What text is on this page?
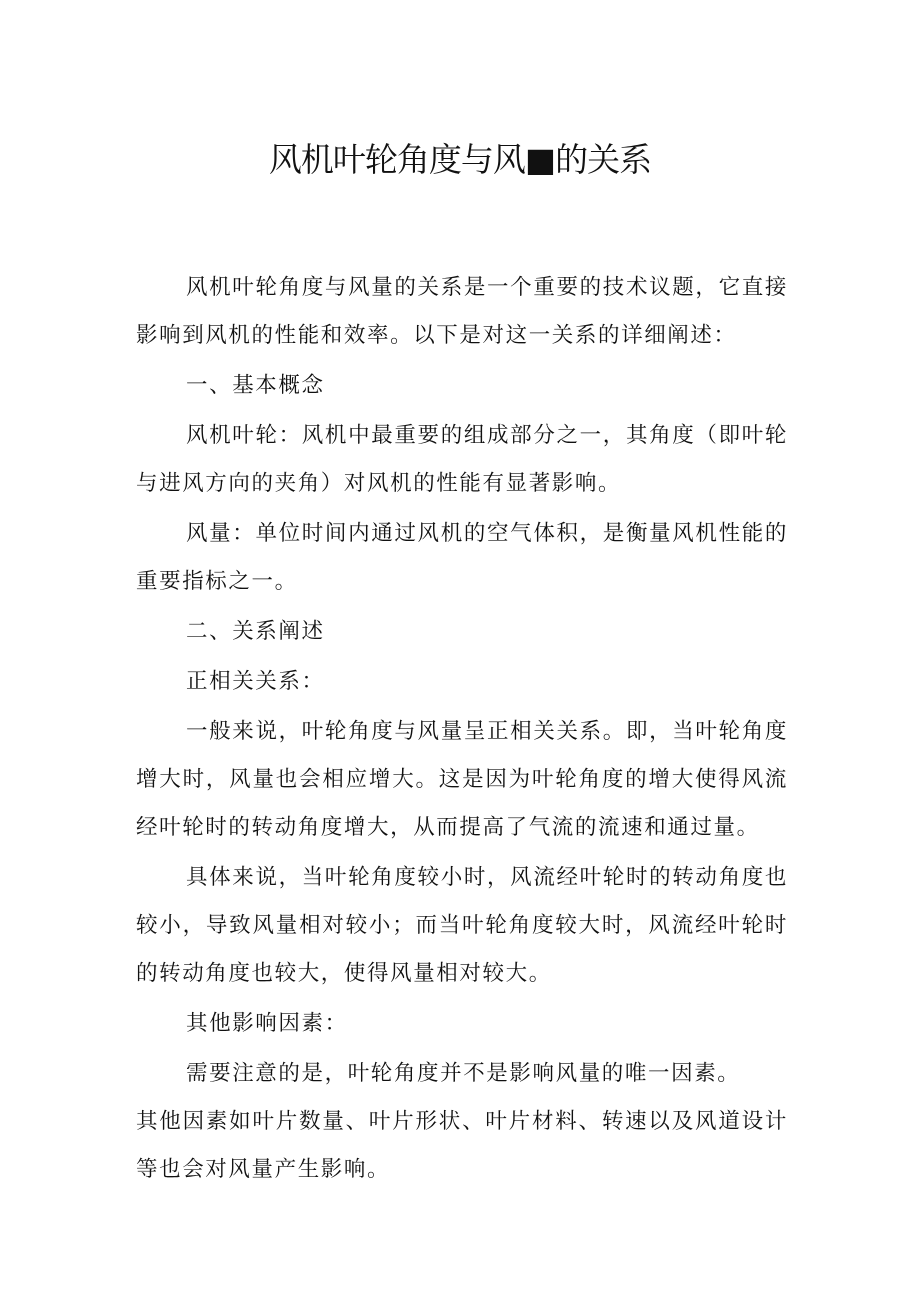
风机叶轮角度与风■的关系

风机叶轮角度与风量的关系是一个重要的技术议题，它直接影响到风机的性能和效率。以下是对这一关系的详细阐述：

一、基本概念

风机叶轮：风机中最重要的组成部分之一，其角度（即叶轮与进风方向的夹角）对风机的性能有显著影响。

风量：单位时间内通过风机的空气体积，是衡量风机性能的重要指标之一。

二、关系阐述

正相关关系：

一般来说，叶轮角度与风量呈正相关关系。即，当叶轮角度增大时，风量也会相应增大。这是因为叶轮角度的增大使得风流经叶轮时的转动角度增大，从而提高了气流的流速和通过量。

具体来说，当叶轮角度较小时，风流经叶轮时的转动角度也较小，导致风量相对较小；而当叶轮角度较大时，风流经叶轮时的转动角度也较大，使得风量相对较大。

其他影响因素：

需要注意的是，叶轮角度并不是影响风量的唯一因素。

其他因素如叶片数量、叶片形状、叶片材料、转速以及风道设计等也会对风量产生影响。
